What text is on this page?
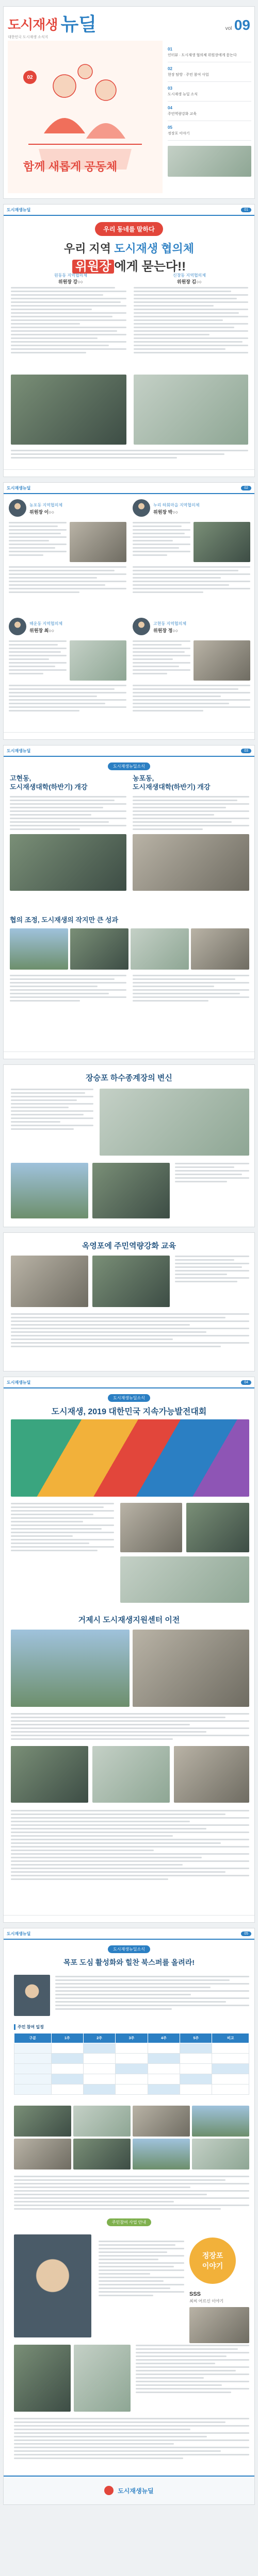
도시재생 뉴딜	vol 09
대한민국 도시재생 소식지
함께 새롭게 공동체
02
01
인터뷰 · 도시재생 협의체 위원장에게 묻는다
02
현장 탐방 · 주민 참여 사업
03
도시재생 뉴딜 소식
04
주민역량강화 교육
05
정장포 이야기
도시재생뉴딜	01
우리 동네를 말하다
우리 지역 도시재생 협의체
위원장 에게 묻는다!!
원동동 지역협의체
위원장 강○○
신창동 지역협의체
위원장 김○○
도시재생뉴딜	02
농포동 지역협의체
위원장 이○○
누리 하회마을 지역협의체
위원장 박○○
해운동 지역협의체
위원장 최○○
고현동 지역협의체
위원장 정○○
도시재생뉴딜	03
도시재생뉴딜소식
고현동,
도시재생대학(하반기) 개강
농포동,
도시재생대학(하반기) 개강
협의 조정, 도시재생의 작지만 큰 성과
장승포 하수종계장의 변신
옥영포에 주민역량강화 교육
도시재생뉴딜	04
도시재생뉴딜소식
도시재생, 2019 대한민국 지속가능발전대회
거제시 도시재생지원센터 이전
도시재생뉴딜	05
도시재생뉴딜소식
목포 도심 활성화와 힐찬 북스퍼를 올려라!
주민 참여 일정
구분	1주	2주	3주	4주	5주	비고

주민참여 사업 안내
정장포
이야기
SSS
최씨 어르신 이야기
도시재생뉴딜
